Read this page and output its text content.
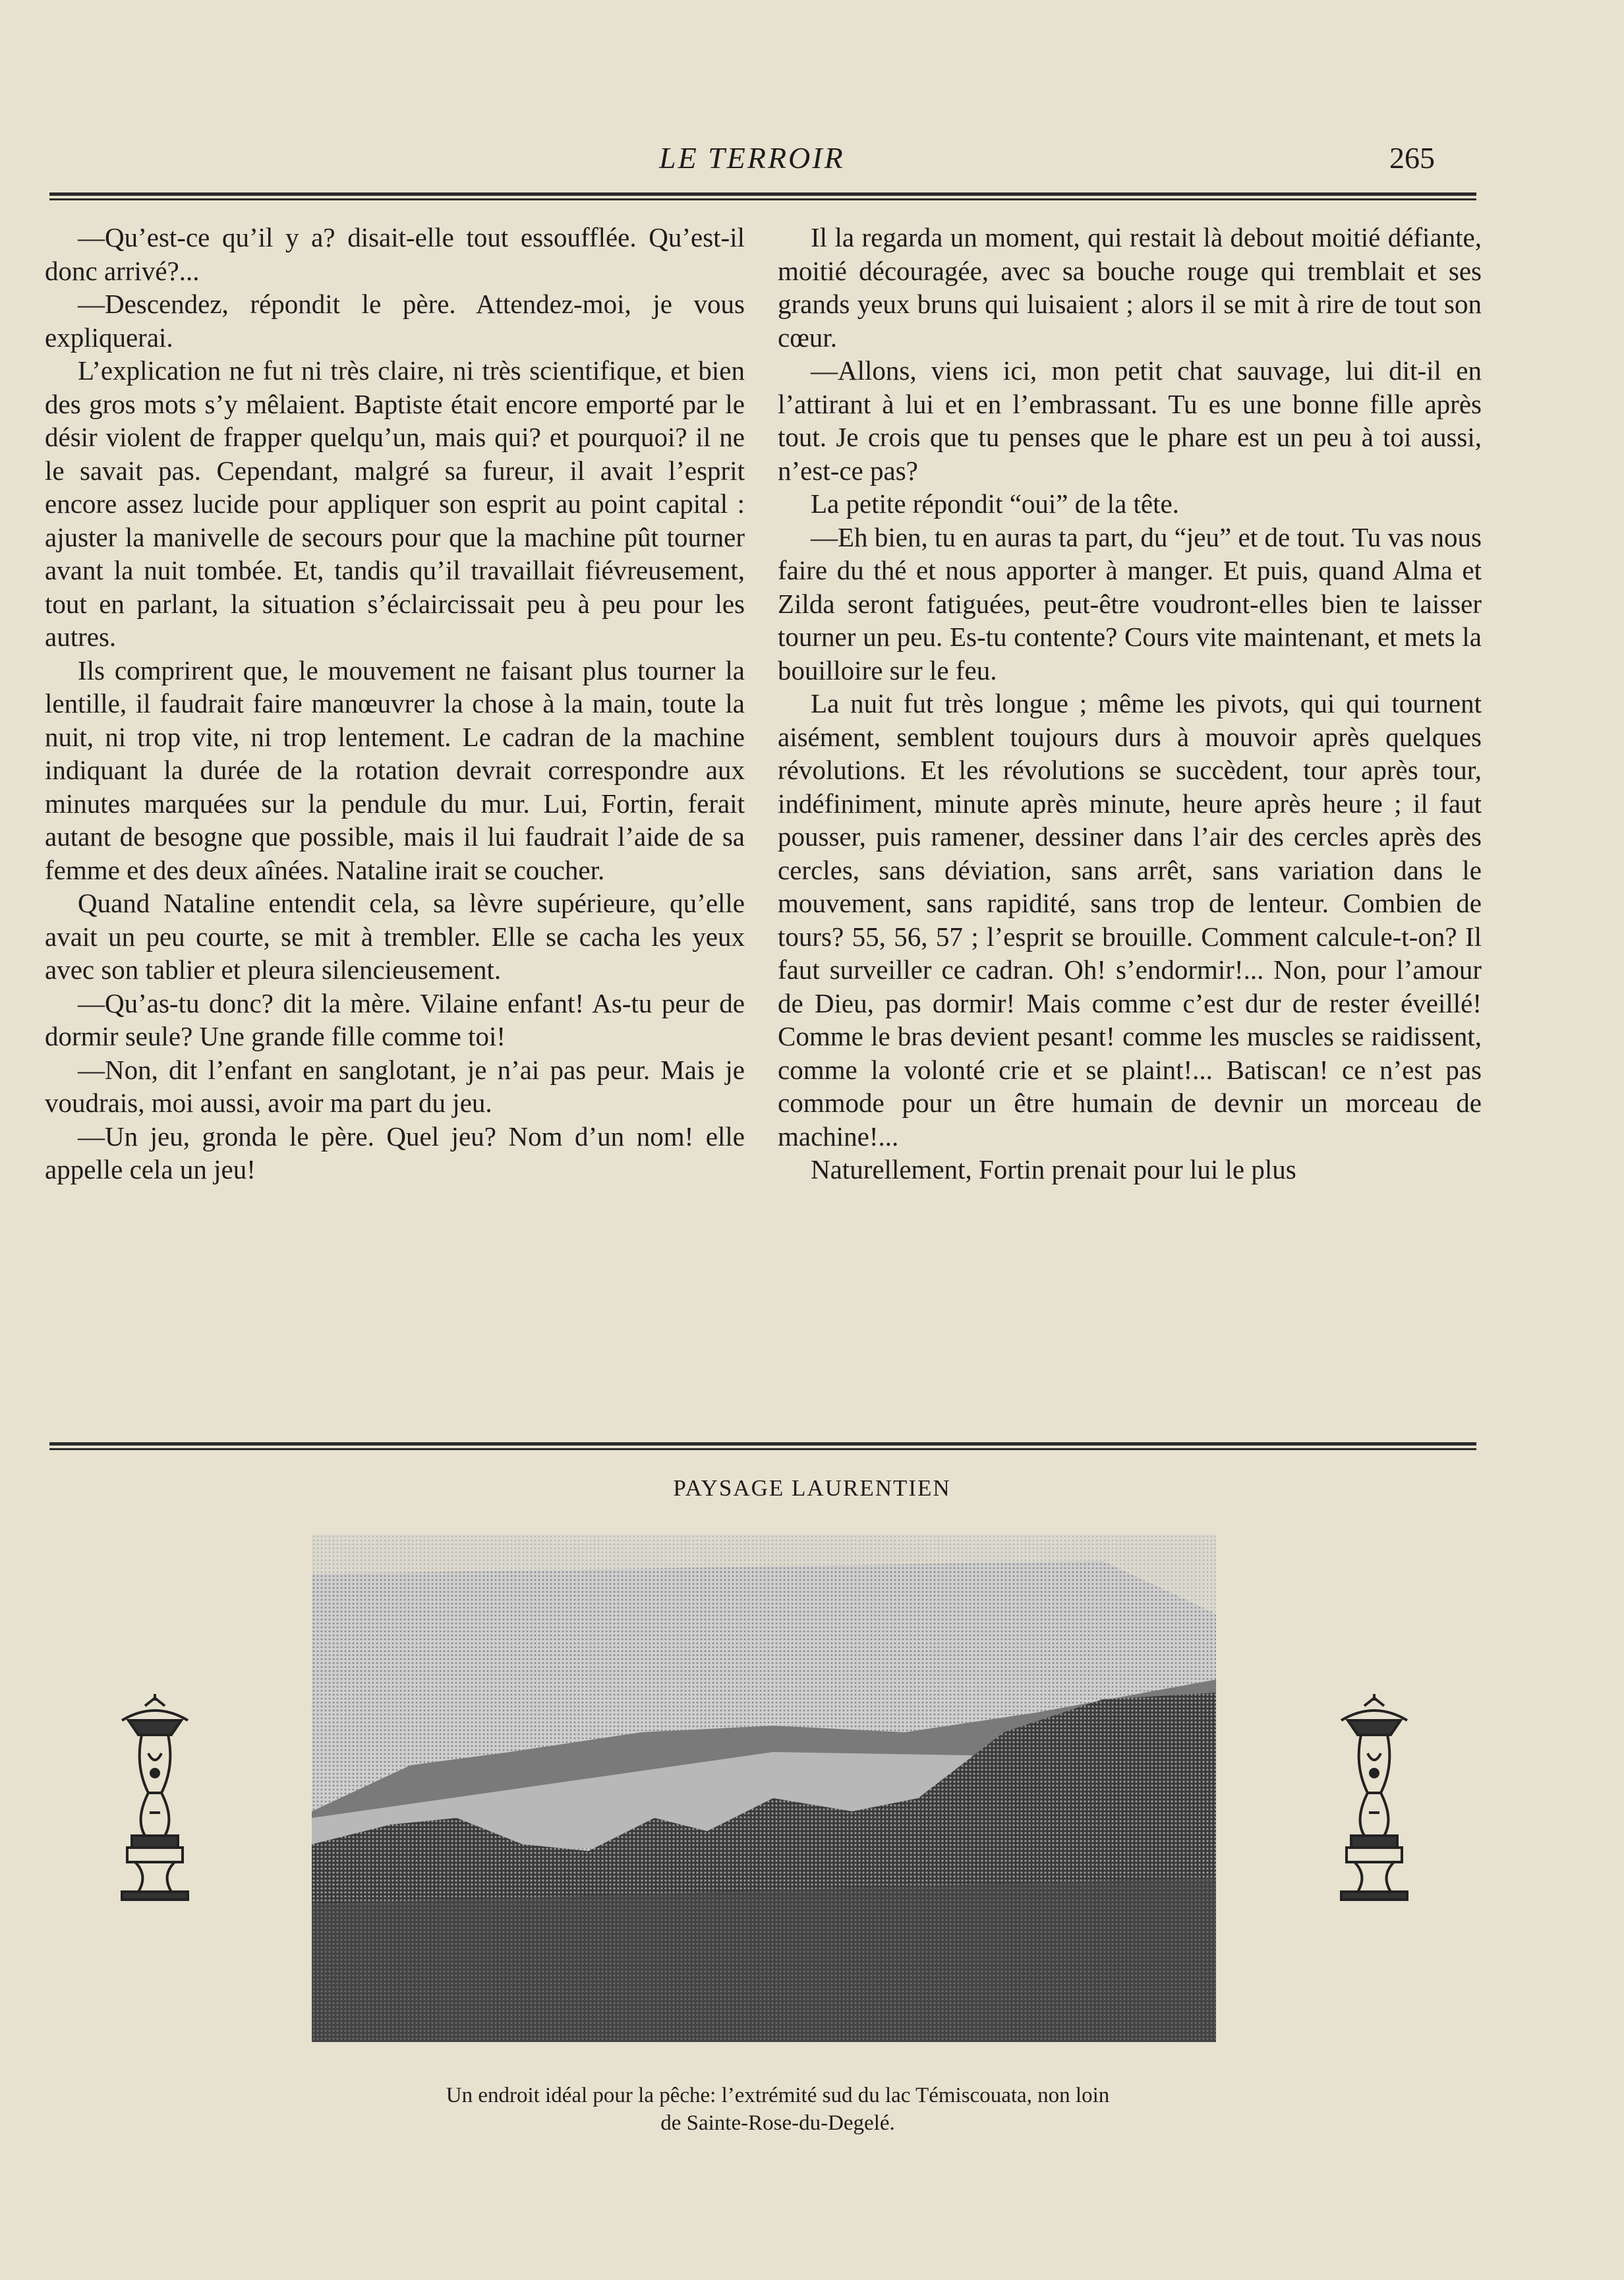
LE TERROIR	265

—Qu’est-ce qu’il y a? disait-elle tout essoufflée. Qu’est-il donc arrivé?...

—Descendez, répondit le père. Attendez-moi, je vous expliquerai.

L’explication ne fut ni très claire, ni très scientifique, et bien des gros mots s’y mêlaient. Baptiste était encore emporté par le désir violent de frapper quelqu’un, mais qui? et pourquoi? il ne le savait pas. Cependant, malgré sa fureur, il avait l’esprit encore assez lucide pour appliquer son esprit au point capital : ajuster la manivelle de secours pour que la machine pût tourner avant la nuit tombée. Et, tandis qu’il travaillait fiévreusement, tout en parlant, la situation s’éclaircissait peu à peu pour les autres.

Ils comprirent que, le mouvement ne faisant plus tourner la lentille, il faudrait faire manœuvrer la chose à la main, toute la nuit, ni trop vite, ni trop lentement. Le cadran de la machine indiquant la durée de la rotation devrait correspondre aux minutes marquées sur la pendule du mur. Lui, Fortin, ferait autant de besogne que possible, mais il lui faudrait l’aide de sa femme et des deux aînées. Nataline irait se coucher.

Quand Nataline entendit cela, sa lèvre supérieure, qu’elle avait un peu courte, se mit à trembler. Elle se cacha les yeux avec son tablier et pleura silencieusement.

—Qu’as-tu donc? dit la mère. Vilaine enfant! As-tu peur de dormir seule? Une grande fille comme toi!

—Non, dit l’enfant en sanglotant, je n’ai pas peur. Mais je voudrais, moi aussi, avoir ma part du jeu.

—Un jeu, gronda le père. Quel jeu? Nom d’un nom! elle appelle cela un jeu!

Il la regarda un moment, qui restait là debout moitié défiante, moitié découragée, avec sa bouche rouge qui tremblait et ses grands yeux bruns qui luisaient ; alors il se mit à rire de tout son cœur.

—Allons, viens ici, mon petit chat sauvage, lui dit-il en l’attirant à lui et en l’embrassant. Tu es une bonne fille après tout. Je crois que tu penses que le phare est un peu à toi aussi, n’est-ce pas?

La petite répondit “oui” de la tête.

—Eh bien, tu en auras ta part, du “jeu” et de tout. Tu vas nous faire du thé et nous apporter à manger. Et puis, quand Alma et Zilda seront fatiguées, peut-être voudront-elles bien te laisser tourner un peu. Es-tu contente? Cours vite maintenant, et mets la bouilloire sur le feu.

La nuit fut très longue ; même les pivots, qui qui tournent aisément, semblent toujours durs à mouvoir après quelques révolutions. Et les révolutions se succèdent, tour après tour, indéfiniment, minute après minute, heure après heure ; il faut pousser, puis ramener, dessiner dans l’air des cercles après des cercles, sans déviation, sans arrêt, sans variation dans le mouvement, sans rapidité, sans trop de lenteur. Combien de tours? 55, 56, 57 ; l’esprit se brouille. Comment calcule-t-on? Il faut surveiller ce cadran. Oh! s’endormir!... Non, pour l’amour de Dieu, pas dormir! Mais comme c’est dur de rester éveillé! Comme le bras devient pesant! comme les muscles se raidissent, comme la volonté crie et se plaint!... Batiscan! ce n’est pas commode pour un être humain de devnir un morceau de machine!...

Naturellement, Fortin prenait pour lui le plus

PAYSAGE LAURENTIEN
Un endroit idéal pour la pêche: l’extrémité sud du lac Témiscouata, non loin
de Sainte-Rose-du-Degelé.
